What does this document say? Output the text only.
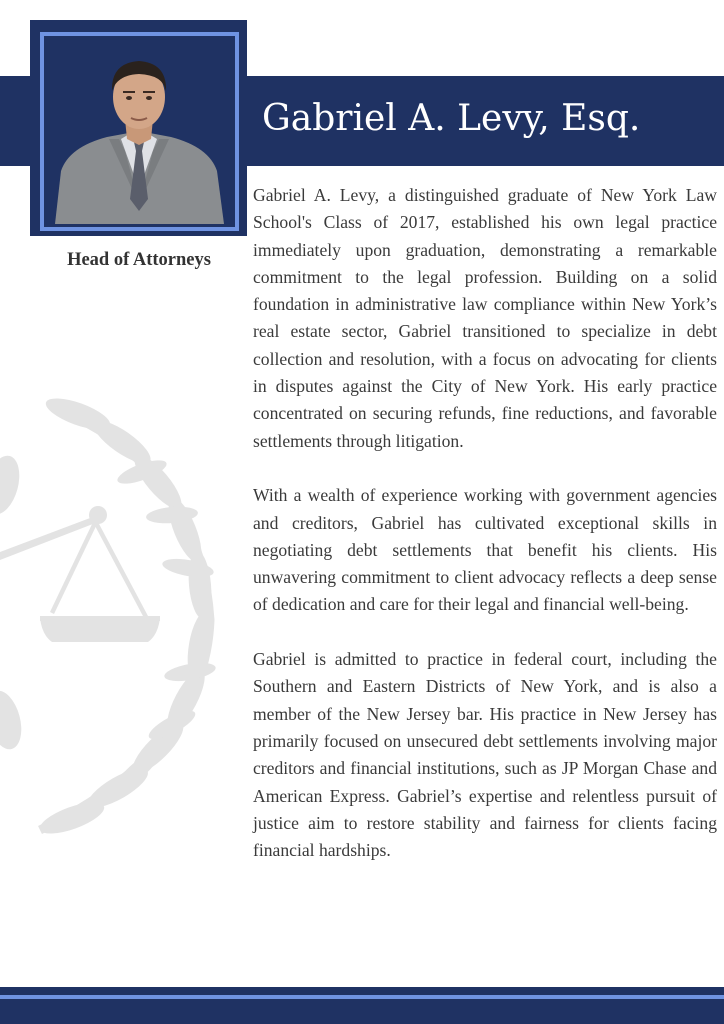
Gabriel A. Levy, Esq.
Head of Attorneys

Gabriel A. Levy, a distinguished graduate of New York Law School's Class of 2017, established his own legal practice immediately upon graduation, demonstrating a remarkable commitment to the legal profession. Building on a solid foundation in administrative law compliance within New York’s real estate sector, Gabriel transitioned to specialize in debt collection and resolution, with a focus on advocating for clients in disputes against the City of New York. His early practice concentrated on securing refunds, fine reductions, and favorable settlements through litigation.

With a wealth of experience working with government agencies and creditors, Gabriel has cultivated exceptional skills in negotiating debt settlements that benefit his clients. His unwavering commitment to client advocacy reflects a deep sense of dedication and care for their legal and financial well-being.

Gabriel is admitted to practice in federal court, including the Southern and Eastern Districts of New York, and is also a member of the New Jersey bar. His practice in New Jersey has primarily focused on unsecured debt settlements involving major creditors and financial institutions, such as JP Morgan Chase and American Express. Gabriel’s expertise and relentless pursuit of justice aim to restore stability and fairness for clients facing financial hardships.
